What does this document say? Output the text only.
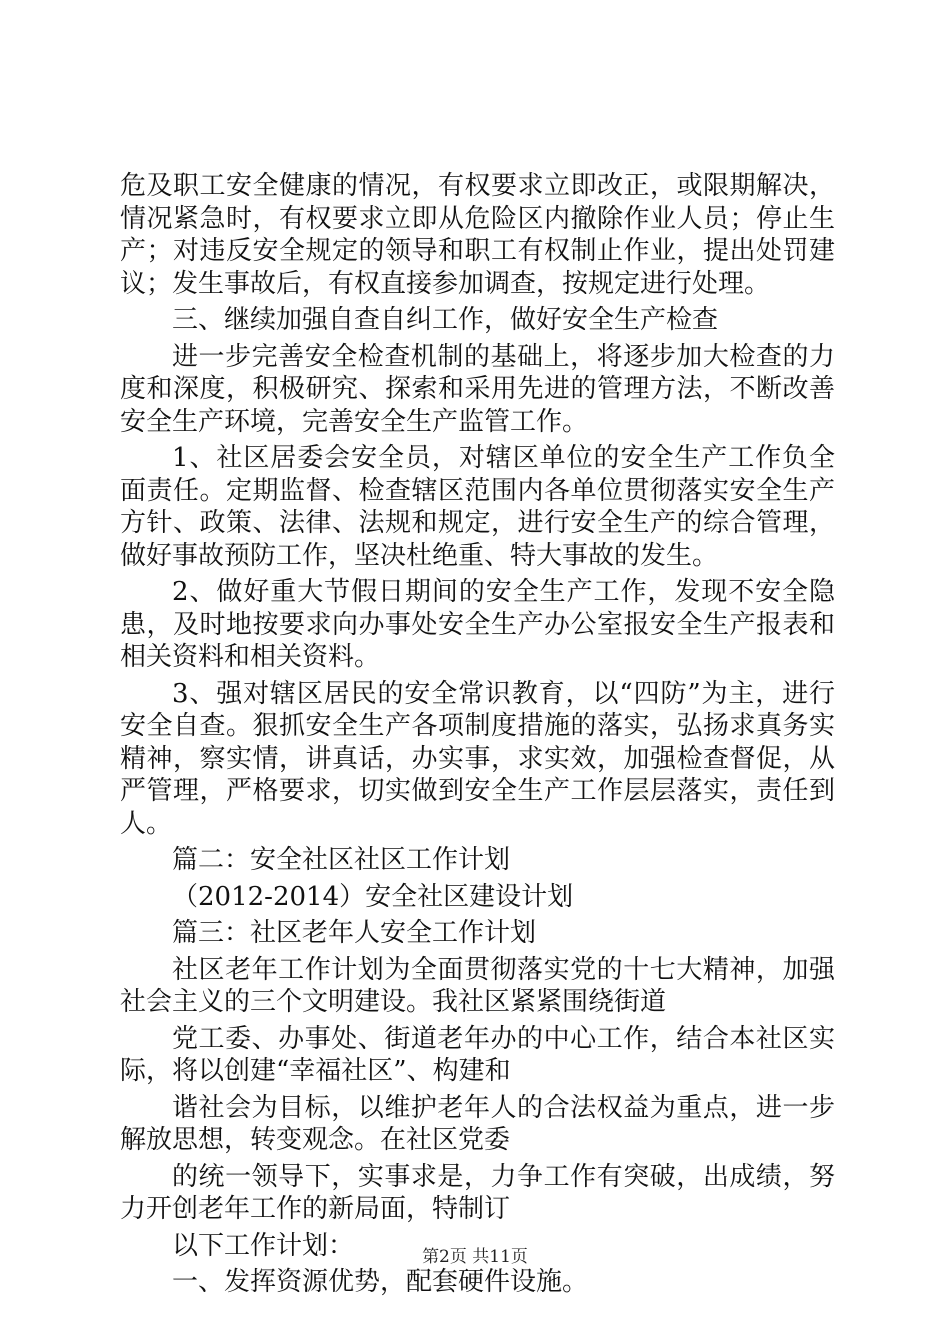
危及职工安全健康的情况，有权要求立即改正，或限期解决，情况紧急时，有权要求立即从危险区内撤除作业人员；停止生产；对违反安全规定的领导和职工有权制止作业，提出处罚建议；发生事故后，有权直接参加调查，按规定进行处理。

三、继续加强自查自纠工作，做好安全生产检查

进一步完善安全检查机制的基础上，将逐步加大检查的力度和深度，积极研究、探索和采用先进的管理方法，不断改善安全生产环境，完善安全生产监管工作。

1、社区居委会安全员，对辖区单位的安全生产工作负全面责任。定期监督、检查辖区范围内各单位贯彻落实安全生产方针、政策、法律、法规和规定，进行安全生产的综合管理，做好事故预防工作，坚决杜绝重、特大事故的发生。

2、做好重大节假日期间的安全生产工作，发现不安全隐患，及时地按要求向办事处安全生产办公室报安全生产报表和相关资料和相关资料。

3、强对辖区居民的安全常识教育，以“四防”为主，进行安全自查。狠抓安全生产各项制度措施的落实，弘扬求真务实精神，察实情，讲真话，办实事，求实效，加强检查督促，从严管理，严格要求，切实做到安全生产工作层层落实，责任到人。

篇二：安全社区社区工作计划

（2012-2014）安全社区建设计划

篇三：社区老年人安全工作计划

社区老年工作计划为全面贯彻落实党的十七大精神，加强社会主义的三个文明建设。我社区紧紧围绕街道

党工委、办事处、街道老年办的中心工作，结合本社区实际，将以创建“幸福社区”、构建和

谐社会为目标，以维护老年人的合法权益为重点，进一步解放思想，转变观念。在社区党委

的统一领导下，实事求是，力争工作有突破，出成绩，努力开创老年工作的新局面，特制订

以下工作计划：

一、发挥资源优势，配套硬件设施。

第2页 共11页
